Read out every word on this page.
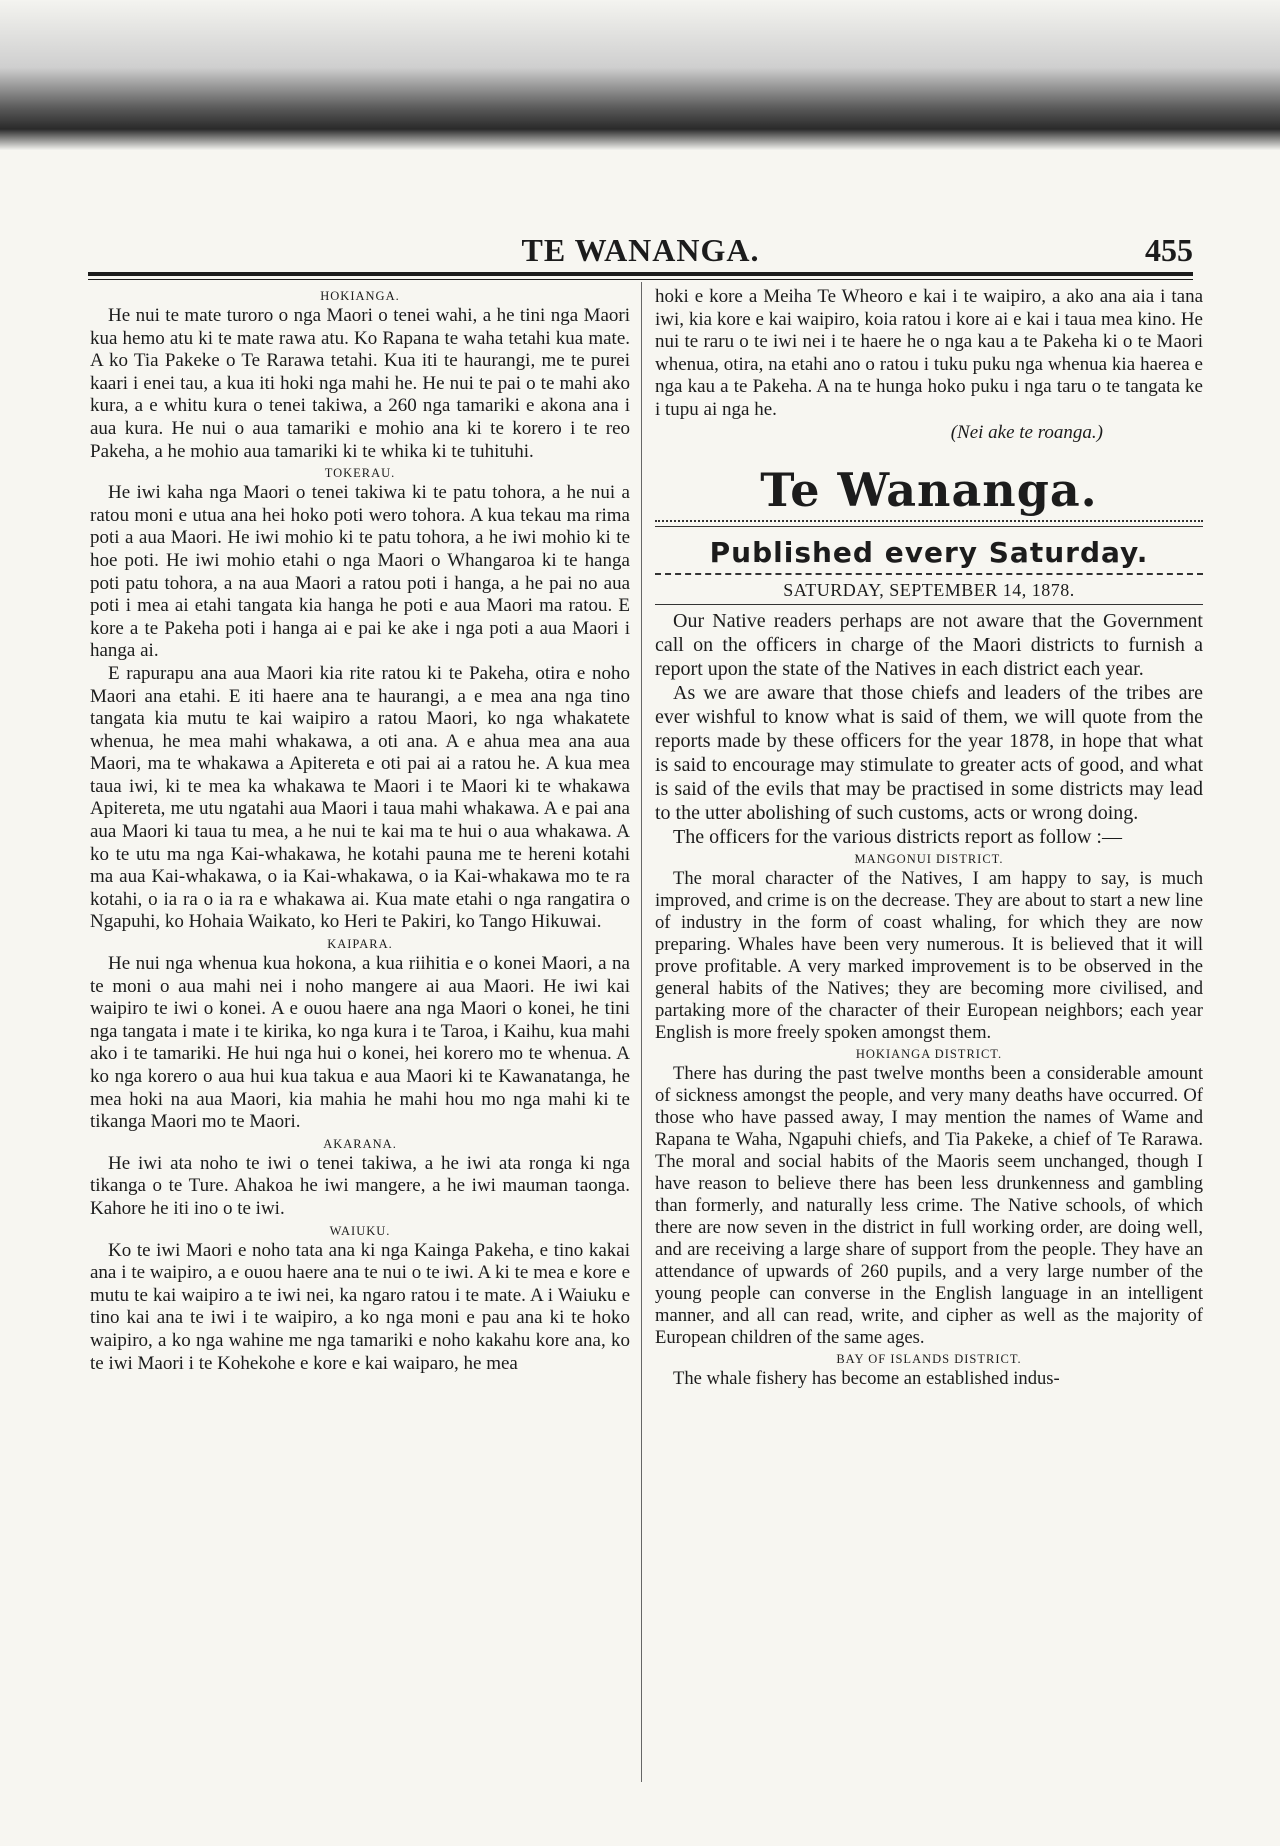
TE WANANGA.	455
HOKIANGA.

He nui te mate turoro o nga Maori o tenei wahi, a he tini nga Maori kua hemo atu ki te mate rawa atu. Ko Rapana te waha tetahi kua mate. A ko Tia Pakeke o Te Rarawa tetahi. Kua iti te haurangi, me te purei kaari i enei tau, a kua iti hoki nga mahi he. He nui te pai o te mahi ako kura, a e whitu kura o tenei takiwa, a 260 nga tamariki e akona ana i aua kura. He nui o aua tamariki e mohio ana ki te korero i te reo Pakeha, a he mohio aua tamariki ki te whika ki te tuhituhi.

TOKERAU.

He iwi kaha nga Maori o tenei takiwa ki te patu tohora, a he nui a ratou moni e utua ana hei hoko poti wero tohora. A kua tekau ma rima poti a aua Maori. He iwi mohio ki te patu tohora, a he iwi mohio ki te hoe poti. He iwi mohio etahi o nga Maori o Whangaroa ki te hanga poti patu tohora, a na aua Maori a ratou poti i hanga, a he pai no aua poti i mea ai etahi tangata kia hanga he poti e aua Maori ma ratou. E kore a te Pakeha poti i hanga ai e pai ke ake i nga poti a aua Maori i hanga ai.

E rapurapu ana aua Maori kia rite ratou ki te Pakeha, otira e noho Maori ana etahi. E iti haere ana te haurangi, a e mea ana nga tino tangata kia mutu te kai waipiro a ratou Maori, ko nga whakatete whenua, he mea mahi whakawa, a oti ana. A e ahua mea ana aua Maori, ma te whakawa a Apitereta e oti pai ai a ratou he. A kua mea taua iwi, ki te mea ka whakawa te Maori i te Maori ki te whakawa Apitereta, me utu ngatahi aua Maori i taua mahi whakawa. A e pai ana aua Maori ki taua tu mea, a he nui te kai ma te hui o aua whakawa. A ko te utu ma nga Kai-whakawa, he kotahi pauna me te hereni kotahi ma aua Kai-whakawa, o ia Kai-whakawa, o ia Kai-whakawa mo te ra kotahi, o ia ra o ia ra e whakawa ai. Kua mate etahi o nga rangatira o Ngapuhi, ko Hohaia Waikato, ko Heri te Pakiri, ko Tango Hikuwai.

KAIPARA.

He nui nga whenua kua hokona, a kua riihitia e o konei Maori, a na te moni o aua mahi nei i noho mangere ai aua Maori. He iwi kai waipiro te iwi o konei. A e ouou haere ana nga Maori o konei, he tini nga tangata i mate i te kirika, ko nga kura i te Taroa, i Kaihu, kua mahi ako i te tamariki. He hui nga hui o konei, hei korero mo te whenua. A ko nga korero o aua hui kua takua e aua Maori ki te Kawanatanga, he mea hoki na aua Maori, kia mahia he mahi hou mo nga mahi ki te tikanga Maori mo te Maori.

AKARANA.

He iwi ata noho te iwi o tenei takiwa, a he iwi ata ronga ki nga tikanga o te Ture. Ahakoa he iwi mangere, a he iwi mauman taonga. Kahore he iti ino o te iwi.

WAIUKU.

Ko te iwi Maori e noho tata ana ki nga Kainga Pakeha, e tino kakai ana i te waipiro, a e ouou haere ana te nui o te iwi. A ki te mea e kore e mutu te kai waipiro a te iwi nei, ka ngaro ratou i te mate. A i Waiuku e tino kai ana te iwi i te waipiro, a ko nga moni e pau ana ki te hoko waipiro, a ko nga wahine me nga tamariki e noho kakahu kore ana, ko te iwi Maori i te Kohekohe e kore e kai waiparo, he mea

hoki e kore a Meiha Te Wheoro e kai i te waipiro, a ako ana aia i tana iwi, kia kore e kai waipiro, koia ratou i kore ai e kai i taua mea kino. He nui te raru o te iwi nei i te haere he o nga kau a te Pakeha ki o te Maori whenua, otira, na etahi ano o ratou i tuku puku nga whenua kia haerea e nga kau a te Pakeha. A na te hunga hoko puku i nga taru o te tangata ke i tupu ai nga he.

(Nei ake te roanga.)
Te Wananga.
Published every Saturday.
SATURDAY, SEPTEMBER 14, 1878.

Our Native readers perhaps are not aware that the Government call on the officers in charge of the Maori districts to furnish a report upon the state of the Natives in each district each year.

As we are aware that those chiefs and leaders of the tribes are ever wishful to know what is said of them, we will quote from the reports made by these officers for the year 1878, in hope that what is said to encourage may stimulate to greater acts of good, and what is said of the evils that may be practised in some districts may lead to the utter abolishing of such customs, acts or wrong doing.

The officers for the various districts report as follow :—

MANGONUI DISTRICT.

The moral character of the Natives, I am happy to say, is much improved, and crime is on the decrease. They are about to start a new line of industry in the form of coast whaling, for which they are now preparing. Whales have been very numerous. It is believed that it will prove profitable. A very marked improvement is to be observed in the general habits of the Natives; they are becoming more civilised, and partaking more of the character of their European neighbors; each year English is more freely spoken amongst them.

HOKIANGA DISTRICT.

There has during the past twelve months been a considerable amount of sickness amongst the people, and very many deaths have occurred. Of those who have passed away, I may mention the names of Wame and Rapana te Waha, Ngapuhi chiefs, and Tia Pakeke, a chief of Te Rarawa. The moral and social habits of the Maoris seem unchanged, though I have reason to believe there has been less drunkenness and gambling than formerly, and naturally less crime. The Native schools, of which there are now seven in the district in full working order, are doing well, and are receiving a large share of support from the people. They have an attendance of upwards of 260 pupils, and a very large number of the young people can converse in the English language in an intelligent manner, and all can read, write, and cipher as well as the majority of European children of the same ages.

BAY OF ISLANDS DISTRICT.

The whale fishery has become an established indus-
